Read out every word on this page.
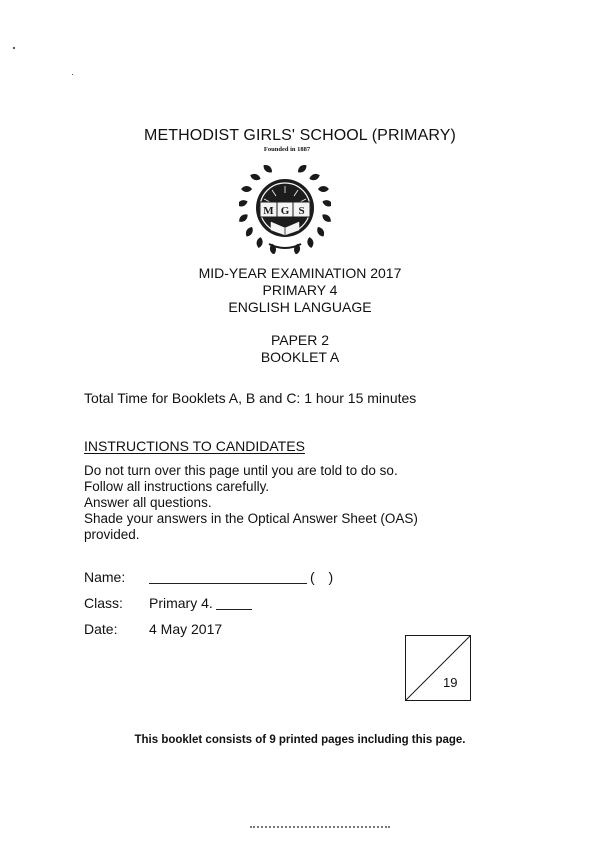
METHODIST GIRLS' SCHOOL (PRIMARY)
Founded in 1887
M G S
MID-YEAR EXAMINATION 2017
PRIMARY 4
ENGLISH LANGUAGE
PAPER 2
BOOKLET A
Total Time for Booklets A, B and C: 1 hour 15 minutes
INSTRUCTIONS TO CANDIDATES
Do not turn over this page until you are told to do so.
Follow all instructions carefully.
Answer all questions.
Shade your answers in the Optical Answer Sheet (OAS)
provided.
Name:	( )
Class: Primary 4.
Date: 4 May 2017
19
This booklet consists of 9 printed pages including this page.
